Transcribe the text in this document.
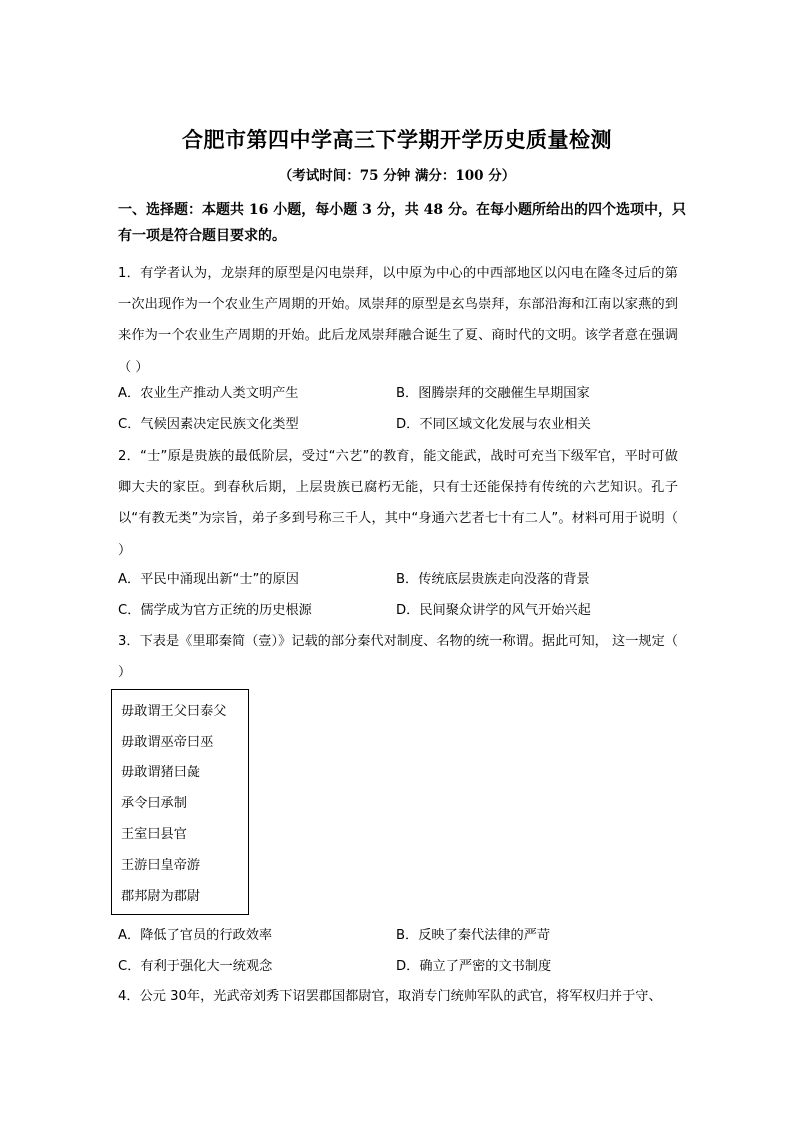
合肥市第四中学高三下学期开学历史质量检测
（考试时间：75 分钟 满分：100 分）
一、选择题：本题共 16 小题，每小题 3 分，共 48 分。在每小题所给出的四个选项中，只有一项是符合题目要求的。

1．有学者认为，龙崇拜的原型是闪电崇拜，以中原为中心的中西部地区以闪电在隆冬过后的第一次出现作为一个农业生产周期的开始。凤崇拜的原型是玄鸟崇拜，东部沿海和江南以家燕的到来作为一个农业生产周期的开始。此后龙凤崇拜融合诞生了夏、商时代的文明。该学者意在强调（ ）

A．农业生产推动人类文明产生	B．图腾崇拜的交融催生早期国家
C．气候因素决定民族文化类型	D．不同区域文化发展与农业相关

2．“士”原是贵族的最低阶层，受过“六艺”的教育，能文能武，战时可充当下级军官，平时可做卿大夫的家臣。到春秋后期，上层贵族已腐朽无能，只有士还能保持有传统的六艺知识。孔子以“有教无类”为宗旨，弟子多到号称三千人，其中“身通六艺者七十有二人”。材料可用于说明（ ）

A．平民中涌现出新“士”的原因	B．传统底层贵族走向没落的背景
C．儒学成为官方正统的历史根源	D．民间聚众讲学的风气开始兴起

3．下表是《里耶秦简（壹）》记载的部分秦代对制度、名物的统一称谓。据此可知， 这一规定（ ）

毋敢谓王父曰泰父
毋敢谓巫帝曰巫
毋敢谓猪曰彘
承令曰承制
王室曰县官
王游曰皇帝游
郡邦尉为郡尉
A．降低了官员的行政效率	B．反映了秦代法律的严苛
C．有利于强化大一统观念	D．确立了严密的文书制度

4．公元 30年，光武帝刘秀下诏罢郡国都尉官，取消专门统帅军队的武官，将军权归并于守、
